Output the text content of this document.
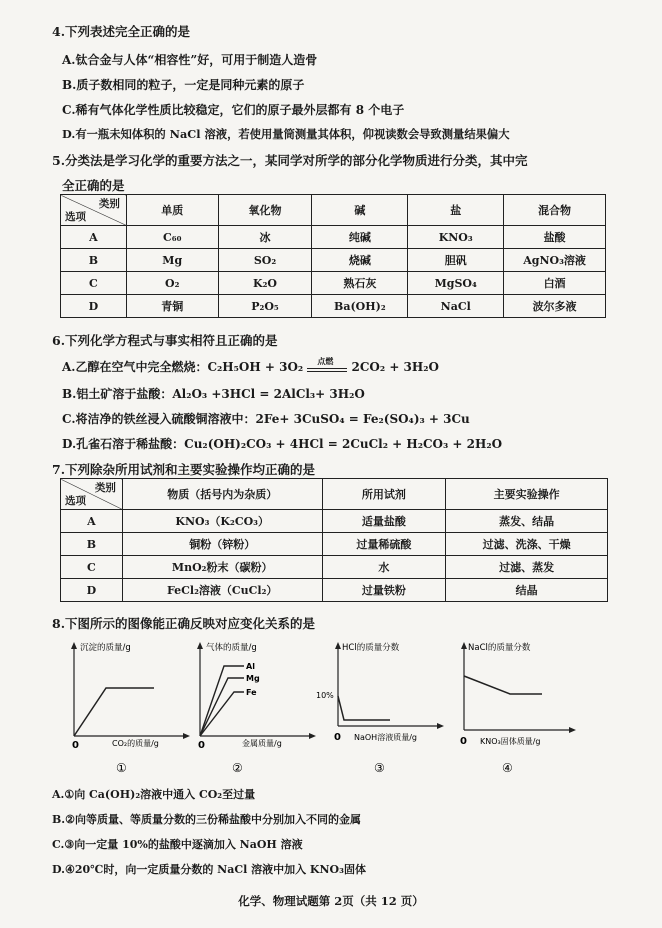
4.下列表述完全正确的是
A.钛合金与人体“相容性”好，可用于制造人造骨
B.质子数相同的粒子，一定是同种元素的原子
C.稀有气体化学性质比较稳定，它们的原子最外层都有 8 个电子
D.有一瓶未知体积的 NaCl 溶液，若使用量筒测量其体积，仰视读数会导致测量结果偏大
5.分类法是学习化学的重要方法之一，某同学对所学的部分化学物质进行分类，其中完
全正确的是
类别
选项	单质	氧化物	碱	盐	混合物
A	C₆₀	冰	纯碱	KNO₃	盐酸
B	Mg	SO₂	烧碱	胆矾	AgNO₃溶液
C	O₂	K₂O	熟石灰	MgSO₄	白酒
D	青铜	P₂O₅	Ba(OH)₂	NaCl	波尔多液
6.下列化学方程式与事实相符且正确的是
A.乙醇在空气中完全燃烧：C₂H₅OH + 3O₂ 点燃 2CO₂ + 3H₂O
B.铝土矿溶于盐酸：Al₂O₃ +3HCl = 2AlCl₃+ 3H₂O
C.将洁净的铁丝浸入硫酸铜溶液中：2Fe+ 3CuSO₄ = Fe₂(SO₄)₃ + 3Cu
D.孔雀石溶于稀盐酸：Cu₂(OH)₂CO₃ + 4HCl = 2CuCl₂ + H₂CO₃ + 2H₂O
7.下列除杂所用试剂和主要实验操作均正确的是
类别
选项	物质（括号内为杂质）	所用试剂	主要实验操作
A	KNO₃（K₂CO₃）	适量盐酸	蒸发、结晶
B	铜粉（锌粉）	过量稀硫酸	过滤、洗涤、干燥
C	MnO₂粉末（碳粉）	水	过滤、蒸发
D	FeCl₂溶液（CuCl₂）	过量铁粉	结晶
8.下图所示的图像能正确反映对应变化关系的是
沉淀的质量/g
CO₂的质量/g
0
①
Al
Mg
Fe
气体的质量/g
金属质量/g
0
②
10%
HCl的质量分数
NaOH溶液质量/g
0
③
NaCl的质量分数
KNO₃固体质量/g
0
④
A.①向 Ca(OH)₂溶液中通入 CO₂至过量
B.②向等质量、等质量分数的三份稀盐酸中分别加入不同的金属
C.③向一定量 10%的盐酸中逐滴加入 NaOH 溶液
D.④20℃时，向一定质量分数的 NaCl 溶液中加入 KNO₃固体
化学、物理试题第 2页（共 12 页）
